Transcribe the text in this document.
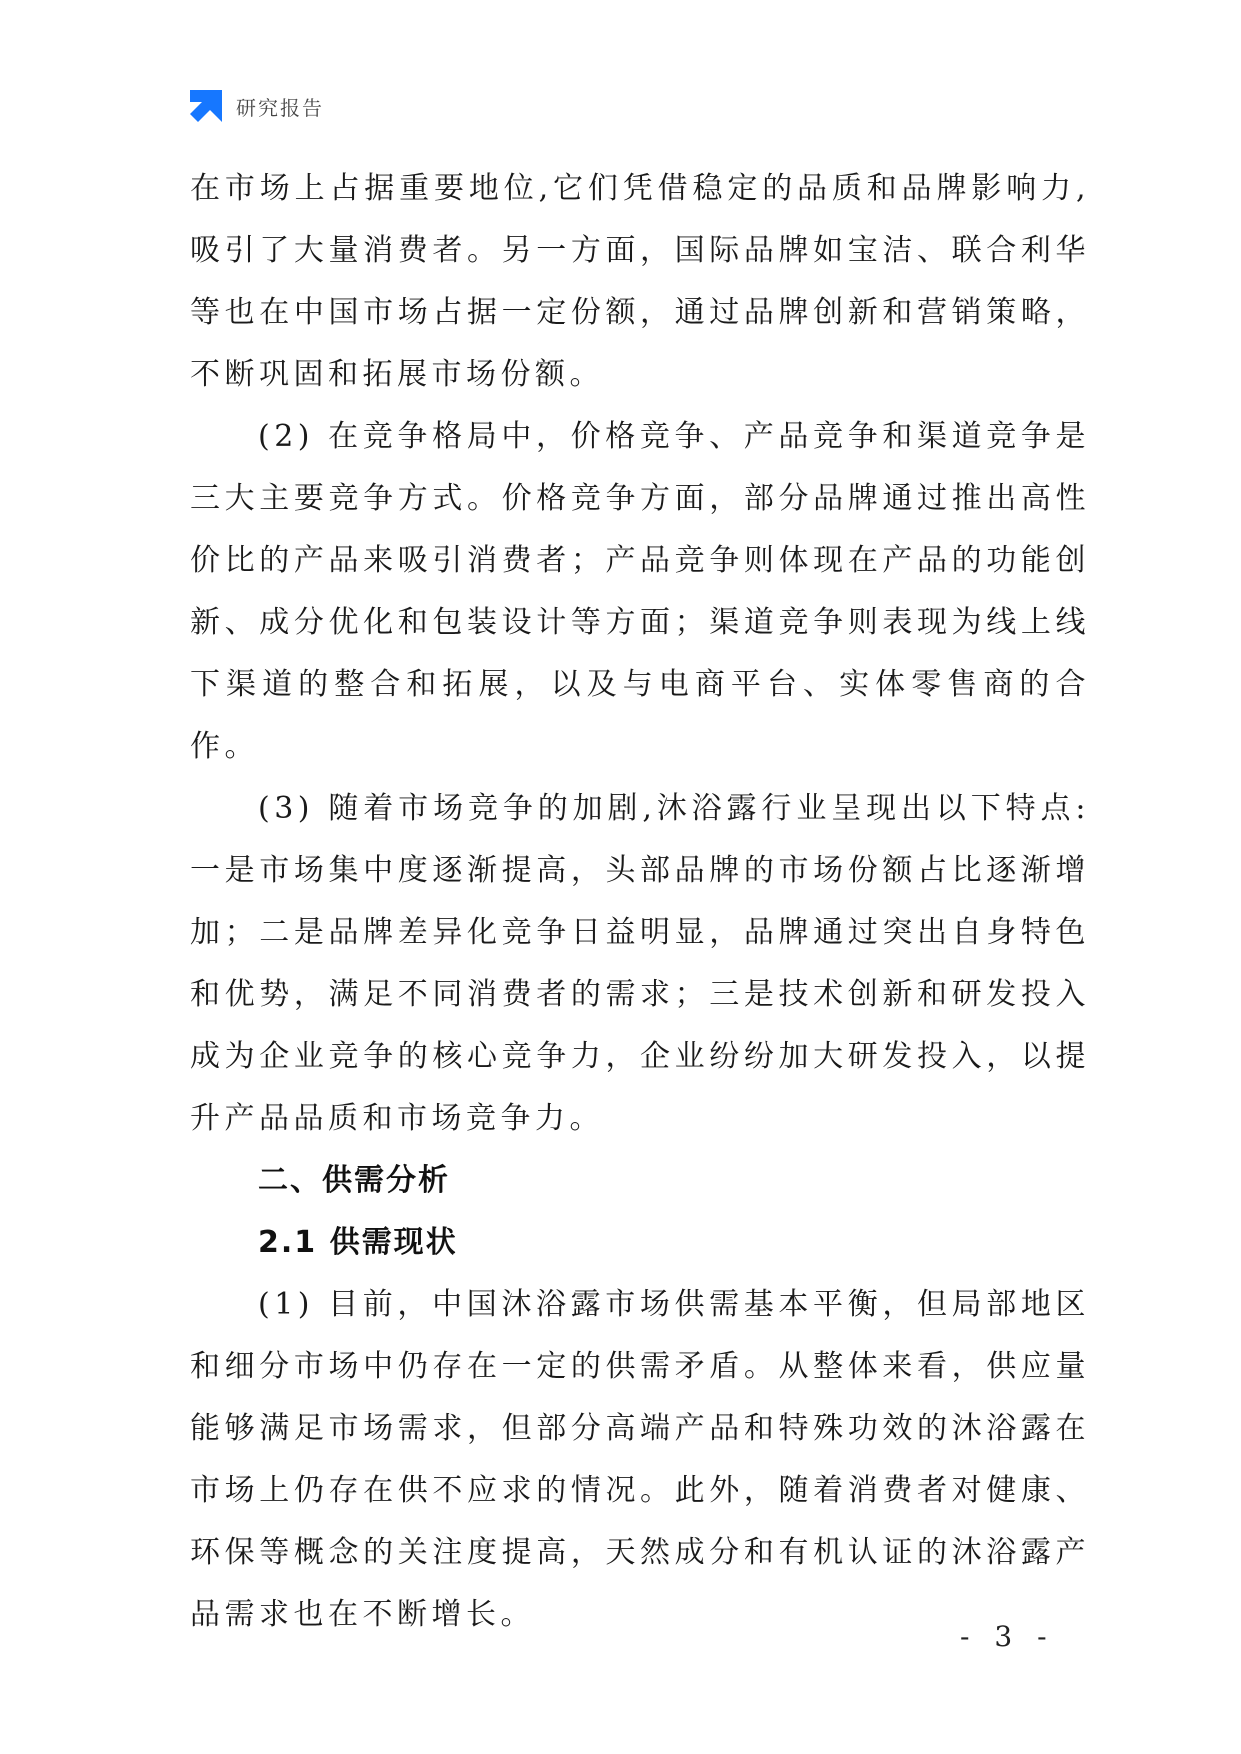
研究报告

在市场上占据重要地位,它们凭借稳定的品质和品牌影响力,吸引了大量消费者。另一方面，国际品牌如宝洁、联合利华等也在中国市场占据一定份额，通过品牌创新和营销策略，不断巩固和拓展市场份额。

(2) 在竞争格局中，价格竞争、产品竞争和渠道竞争是三大主要竞争方式。价格竞争方面，部分品牌通过推出高性价比的产品来吸引消费者；产品竞争则体现在产品的功能创新、成分优化和包装设计等方面；渠道竞争则表现为线上线下渠道的整合和拓展，以及与电商平台、实体零售商的合作。

(3) 随着市场竞争的加剧,沐浴露行业呈现出以下特点:一是市场集中度逐渐提高，头部品牌的市场份额占比逐渐增加；二是品牌差异化竞争日益明显，品牌通过突出自身特色和优势，满足不同消费者的需求；三是技术创新和研发投入成为企业竞争的核心竞争力，企业纷纷加大研发投入，以提升产品品质和市场竞争力。

二、供需分析
2.1 供需现状

(1) 目前，中国沐浴露市场供需基本平衡，但局部地区和细分市场中仍存在一定的供需矛盾。从整体来看，供应量能够满足市场需求，但部分高端产品和特殊功效的沐浴露在市场上仍存在供不应求的情况。此外，随着消费者对健康、环保等概念的关注度提高，天然成分和有机认证的沐浴露产品需求也在不断增长。

- 3 -
